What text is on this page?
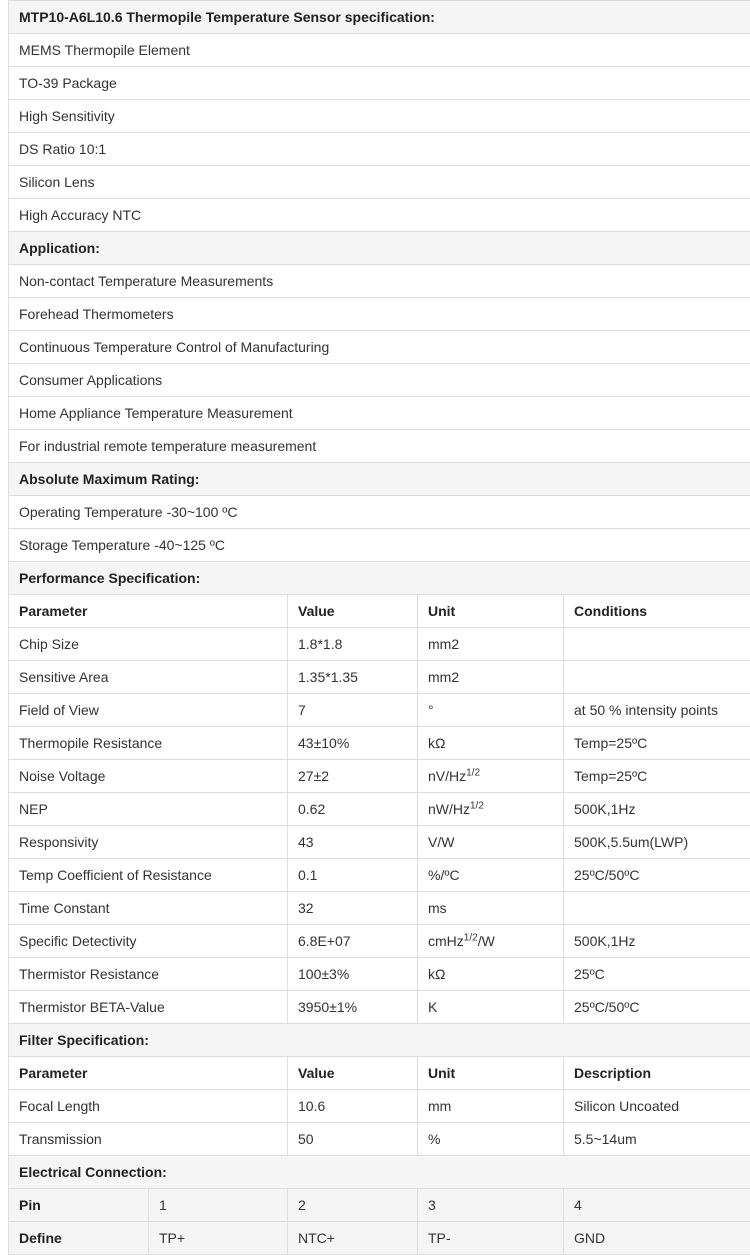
MTP10-A6L10.6 Thermopile Temperature Sensor specification:				
MEMS Thermopile Element				
TO-39 Package				
High Sensitivity				
DS Ratio 10:1				
Silicon Lens				
High Accuracy NTC				
Application:				
Non-contact Temperature Measurements				
Forehead Thermometers				
Continuous Temperature Control of Manufacturing				
Consumer Applications				
Home Appliance Temperature Measurement				
For industrial remote temperature measurement				
Absolute Maximum Rating:				
Operating Temperature -30~100 ºC				
Storage Temperature -40~125 ºC				
Performance Specification:				
Parameter		Value	Unit	Conditions
Chip Size		1.8*1.8	mm2	
Sensitive Area		1.35*1.35	mm2	
Field of View		7	°	at 50 % intensity points
Thermopile Resistance		43±10%	kΩ	Temp=25ºC
Noise Voltage		27±2	$nV/Hz^{1/2}$	Temp=25ºC
NEP		0.62	$nW/Hz^{1/2}$	500K,1Hz
Responsivity		43	V/W	500K,5.5um(LWP)
Temp Coefficient of Resistance		0.1	%/ºC	25ºC/50ºC
Time Constant		32	ms	
Specific Detectivity		6.8E+07	cmHz$^{1/2}$/W	500K,1Hz
Thermistor Resistance		100±3%	kΩ	25ºC
Thermistor BETA-Value		3950±1%	K	25ºC/50ºC
Filter Specification:				
Parameter		Value	Unit	Description
Focal Length		10.6	mm	Silicon Uncoated
Transmission		50	%	5.5~14um
Electrical Connection:				
Pin	1	2	3	4
Define	TP+	NTC+	TP-	GND
